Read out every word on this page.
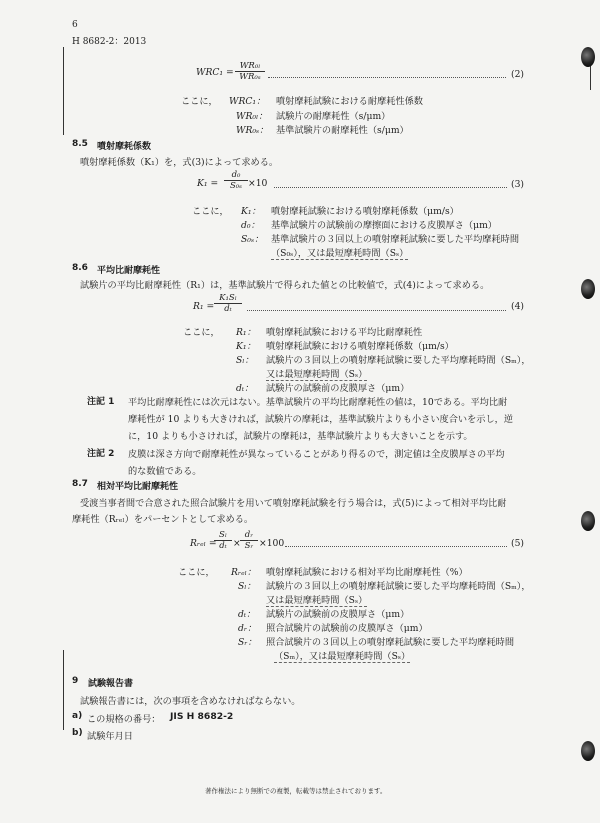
6
H 8682-2：2013
$WRC_1 = \frac{\text{WR₀ₗ}}{\text{WR₀ₛ}}$	(2)
ここに， WRC₁： 噴射摩耗試験における耐摩耗性係数
WR₀ₗ： 試験片の耐摩耗性（s/μm）
WR₀ₛ： 基準試験片の耐摩耗性（s/μm）
8.5 噴射摩耗係数
噴射摩耗係数（K₁）を，式(3)によって求める。
$K_1 = \frac{\text{d₀}}{\text{S₀ₛ}} \times 10$	(3)
ここに， K₁： 噴射摩耗試験における噴射摩耗係数（μm/s）
d₀： 基準試験片の試験前の摩擦面における皮膜厚さ（μm）
S₀ₛ： 基準試験片の３回以上の噴射摩耗試験に要した平均摩耗時間
（S₀ₛ），又は最短摩耗時間（Sₛ）
8.6 平均比耐摩耗性
試験片の平均比耐摩耗性（R₁）は，基準試験片で得られた値との比較値で，式(4)によって求める。
$R_1 = \frac{\text{K₁Sₗ}}{\text{dₜ}}$	(4)
ここに， R₁： 噴射摩耗試験における平均比耐摩耗性
K₁： 噴射摩耗試験における噴射摩耗係数（μm/s）
Sₗ： 試験片の３回以上の噴射摩耗試験に要した平均摩耗時間（Sₘ），
又は最短摩耗時間（Sₛ）
dₜ： 試験片の試験前の皮膜厚さ（μm）
注記 1 平均比耐摩耗性には次元はない。基準試験片の平均比耐摩耗性の値は，10である。平均比耐
摩耗性が 10 よりも大きければ，試験片の摩耗は，基準試験片よりも小さい度合いを示し，逆
に，10 よりも小さければ，試験片の摩耗は，基準試験片よりも大きいことを示す。
注記 2 皮膜は深さ方向で耐摩耗性が異なっていることがあり得るので，測定値は全皮膜厚さの平均
的な数値である。
8.7 相対平均比耐摩耗性
受渡当事者間で合意された照合試験片を用いて噴射摩耗試験を行う場合は，式(5)によって相対平均比耐
摩耗性（Rᵣₑₗ）をパーセントとして求める。
Rᵣₑₗ =
$\frac{\text{Sₗ}}{\text{dₜ}} \times \frac{\text{dᵣ}}{\text{Sᵣ}} \times 100$	(5)
ここに， Rᵣₑₗ： 噴射摩耗試験における相対平均比耐摩耗性（%）
Sₗ： 試験片の３回以上の噴射摩耗試験に要した平均摩耗時間（Sₘ），
又は最短摩耗時間（Sₛ）
dₜ： 試験片の試験前の皮膜厚さ（μm）
dᵣ： 照合試験片の試験前の皮膜厚さ（μm）
Sᵣ： 照合試験片の３回以上の噴射摩耗試験に要した平均摩耗時間
（Sₘ），又は最短摩耗時間（Sₛ）
9 試験報告書
試験報告書には，次の事項を含めなければならない。
a) この規格の番号： JIS H 8682-2
b) 試験年月日
著作権法により無断での複製，転載等は禁止されております。
